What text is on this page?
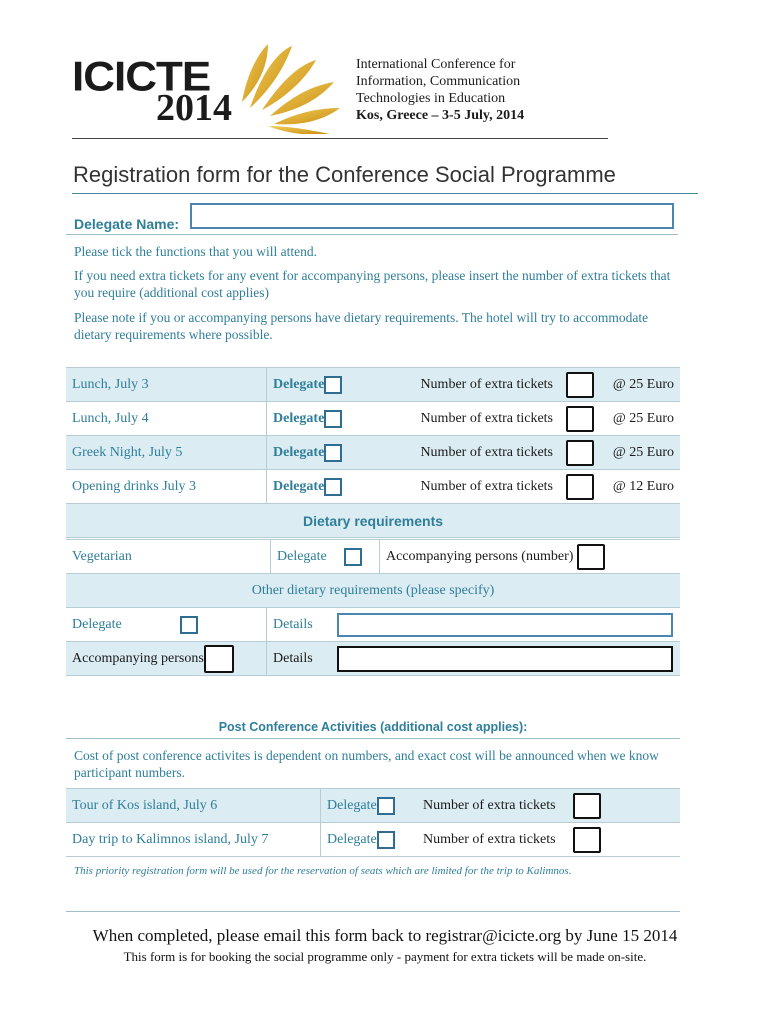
ICICTE
2014
International Conference for
Information, Communication
Technologies in Education
Kos, Greece – 3-5 July, 2014
Registration form for the Conference Social Programme
Delegate Name:
Please tick the functions that you will attend.
If you need extra tickets for any event for accompanying persons, please insert the number of extra tickets that you require (additional cost applies)
Please note if you or accompanying persons have dietary requirements. The hotel will try to accommodate dietary requirements where possible.
Lunch, July 3	Delegate	Number of extra tickets		@ 25 Euro
Lunch, July 4	Delegate	Number of extra tickets		@ 25 Euro
Greek Night, July 5	Delegate	Number of extra tickets		@ 25 Euro
Opening drinks July 3	Delegate	Number of extra tickets		@ 12 Euro
Dietary requirements				
Vegetarian	Delegate	Accompanying persons (number)
Other dietary requirements (please specify)
Delegate	Details	
Accompanying persons	Details	
Post Conference Activities (additional cost applies):
Cost of post conference activites is dependent on numbers, and exact cost will be announced when we know participant numbers.
Tour of Kos island, July 6	Delegate	Number of extra tickets
Day trip to Kalimnos island, July 7	Delegate	Number of extra tickets
This priority registration form will be used for the reservation of seats which are limited for the trip to Kalimnos.
When completed, please email this form back to registrar@icicte.org by June 15 2014
This form is for booking the social programme only - payment for extra tickets will be made on-site.
